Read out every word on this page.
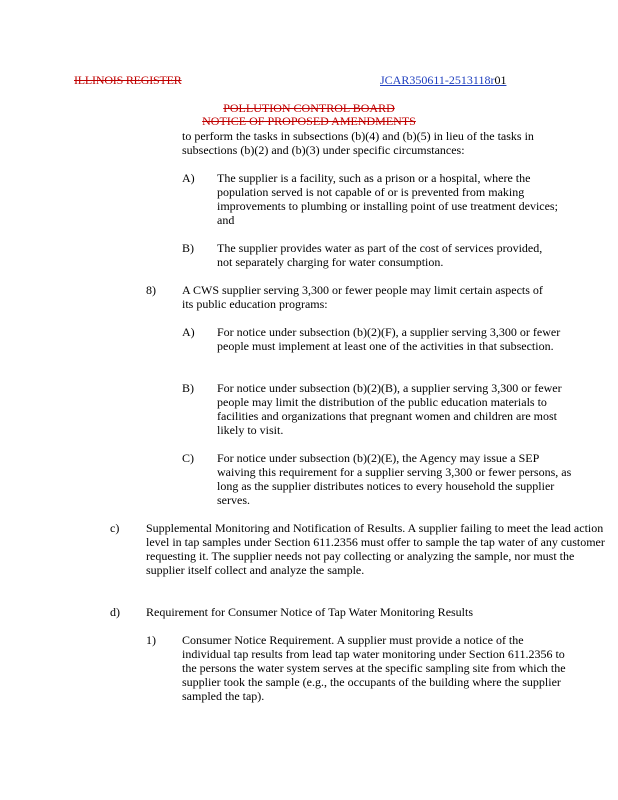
ILLINOIS REGISTER	JCAR350611-2513118r01
POLLUTION CONTROL BOARD
NOTICE OF PROPOSED AMENDMENTS
to perform the tasks in subsections (b)(4) and (b)(5) in lieu of the tasks in subsections (b)(2) and (b)(3) under specific circumstances:
A) The supplier is a facility, such as a prison or a hospital, where the population served is not capable of or is prevented from making improvements to plumbing or installing point of use treatment devices; and
B) The supplier provides water as part of the cost of services provided, not separately charging for water consumption.
8) A CWS supplier serving 3,300 or fewer people may limit certain aspects of its public education programs:
A) For notice under subsection (b)(2)(F), a supplier serving 3,300 or fewer people must implement at least one of the activities in that subsection.
B) For notice under subsection (b)(2)(B), a supplier serving 3,300 or fewer people may limit the distribution of the public education materials to facilities and organizations that pregnant women and children are most likely to visit.
C) For notice under subsection (b)(2)(E), the Agency may issue a SEP waiving this requirement for a supplier serving 3,300 or fewer persons, as long as the supplier distributes notices to every household the supplier serves.
c) Supplemental Monitoring and Notification of Results. A supplier failing to meet the lead action level in tap samples under Section 611.2356 must offer to sample the tap water of any customer requesting it. The supplier needs not pay collecting or analyzing the sample, nor must the supplier itself collect and analyze the sample.
d) Requirement for Consumer Notice of Tap Water Monitoring Results
1) Consumer Notice Requirement. A supplier must provide a notice of the individual tap results from lead tap water monitoring under Section 611.2356 to the persons the water system serves at the specific sampling site from which the supplier took the sample (e.g., the occupants of the building where the supplier sampled the tap).
